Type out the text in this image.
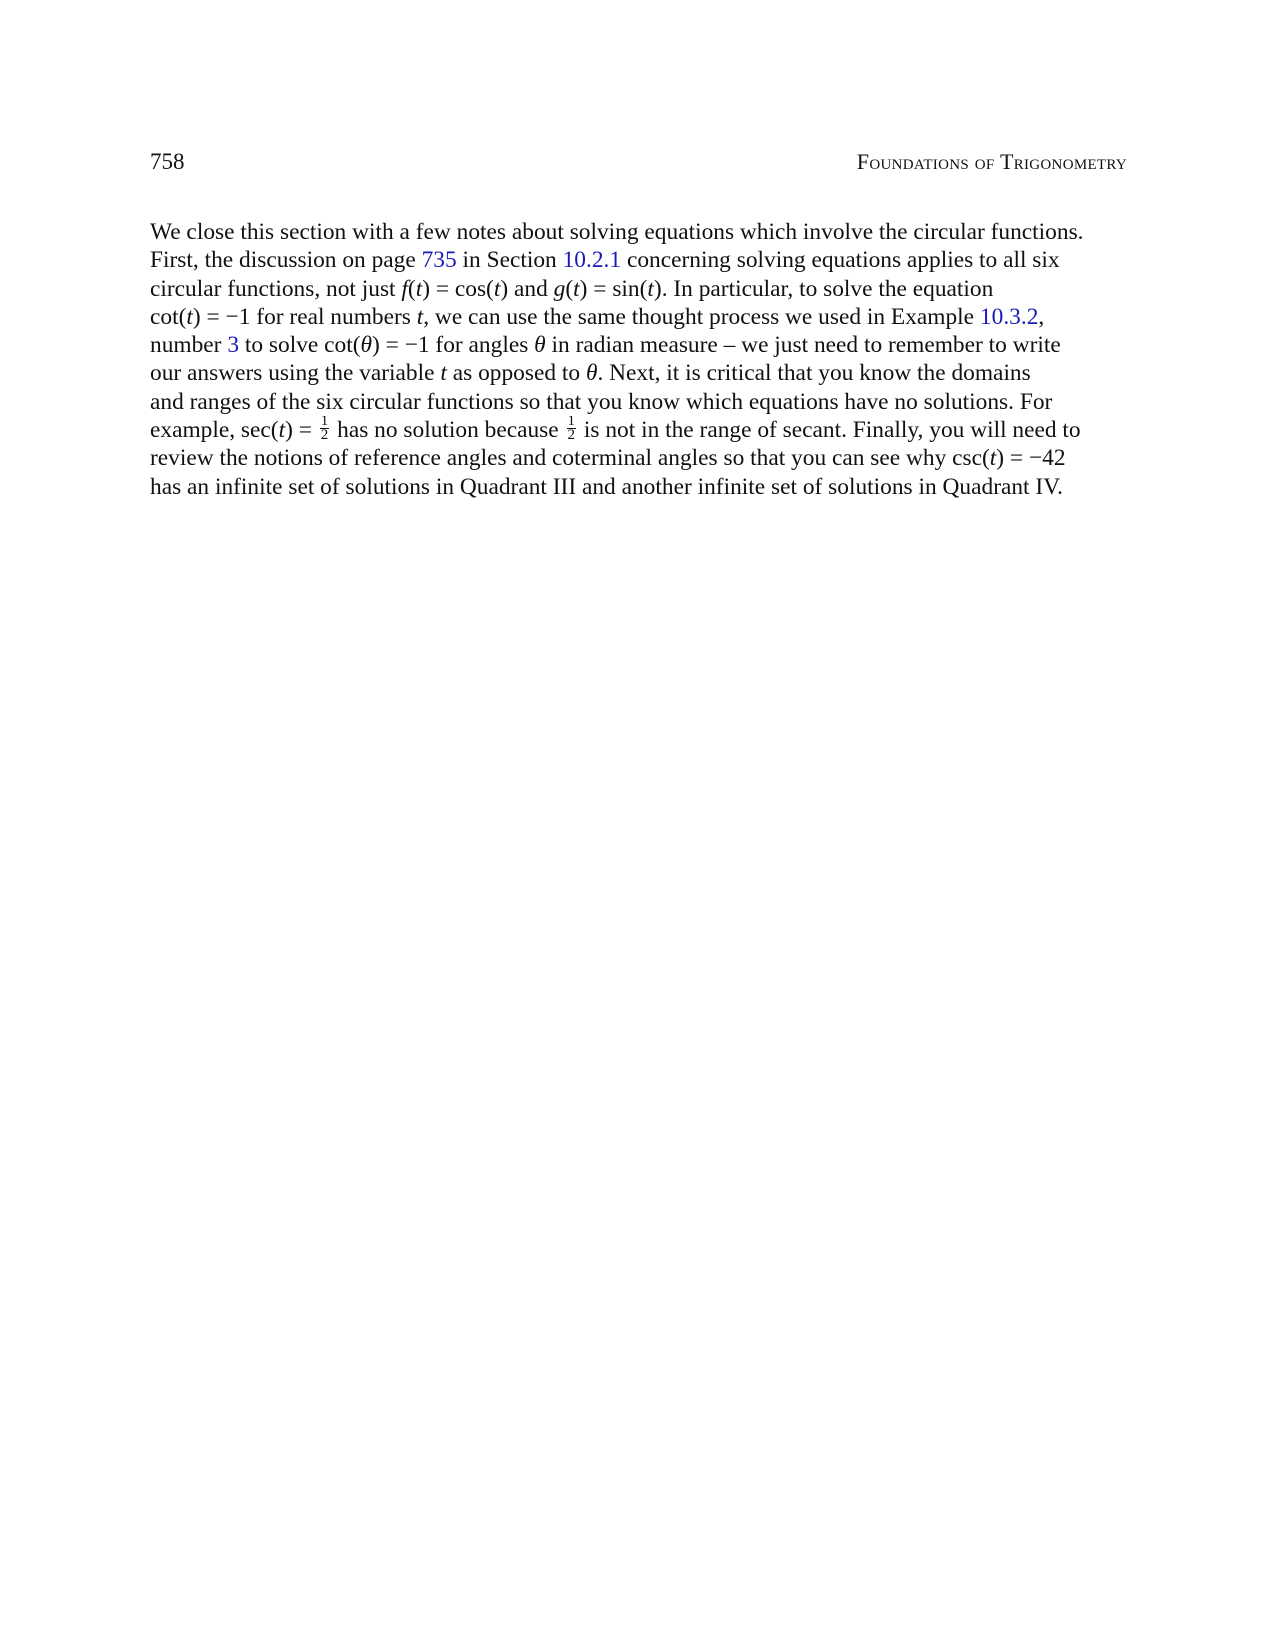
758	Foundations of Trigonometry
We close this section with a few notes about solving equations which involve the circular functions.
First, the discussion on page 735 in Section 10.2.1 concerning solving equations applies to all six
circular functions, not just f(t) = cos(t) and g(t) = sin(t). In particular, to solve the equation
cot(t) = −1 for real numbers t, we can use the same thought process we used in Example 10.3.2,
number 3 to solve cot(θ) = −1 for angles θ in radian measure – we just need to remember to write
our answers using the variable t as opposed to θ. Next, it is critical that you know the domains
and ranges of the six circular functions so that you know which equations have no solutions. For
example, $\sec(t) = \frac{1}{2}$ has no solution because $\frac{1}{2}$ is not in the range of secant. Finally, you will need to
review the notions of reference angles and coterminal angles so that you can see why csc(t) = −42
has an infinite set of solutions in Quadrant III and another infinite set of solutions in Quadrant IV.
